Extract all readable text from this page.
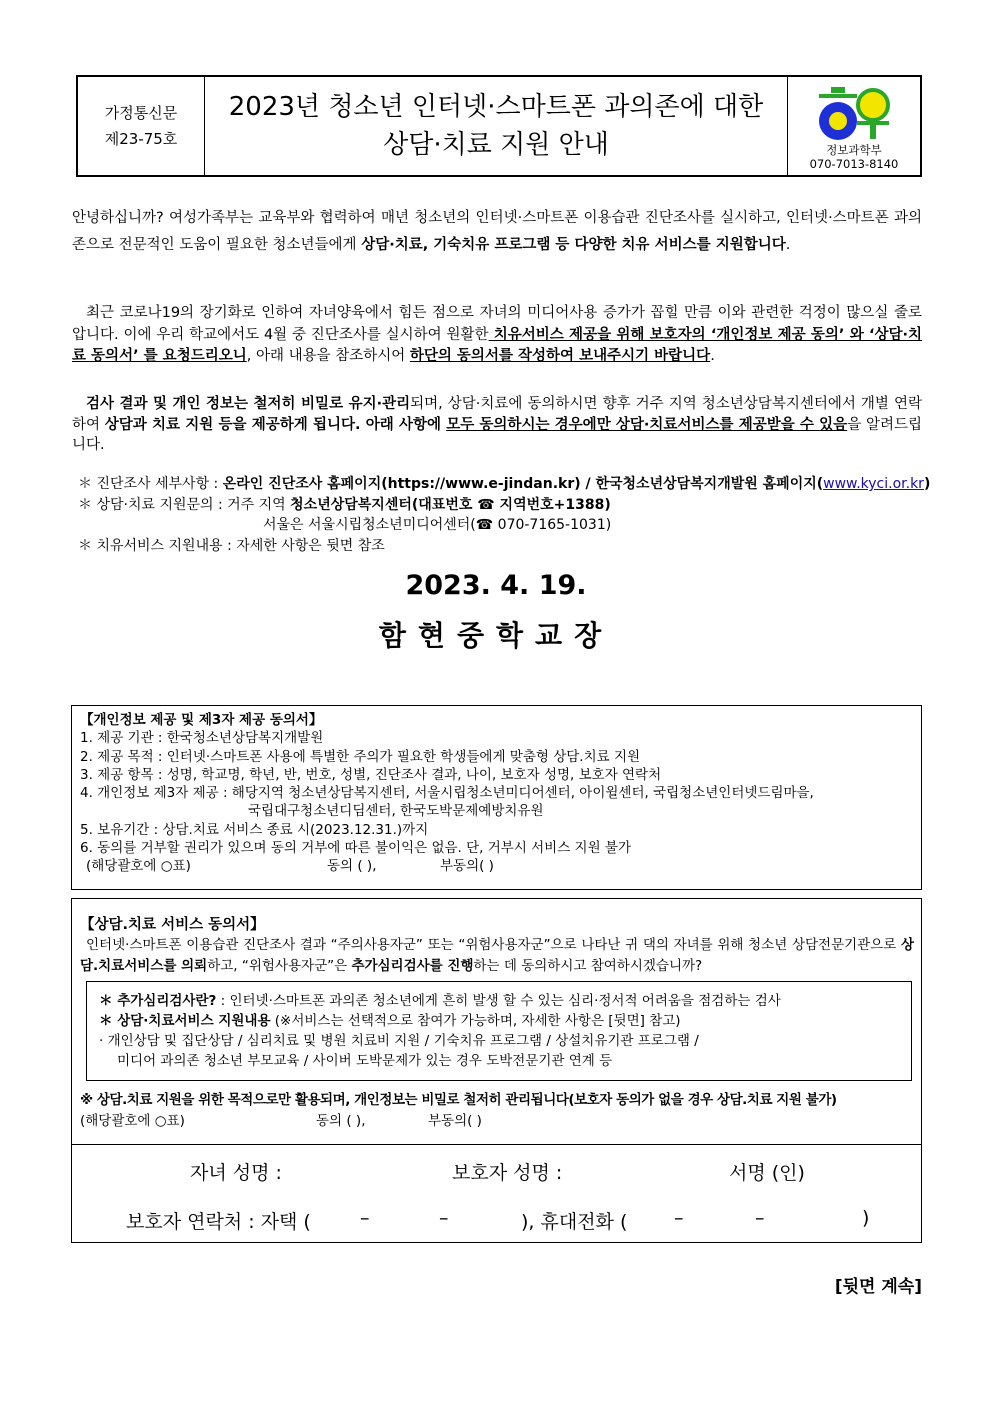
가정통신문
제23-75호
2023년 청소년 인터넷·스마트폰 과의존에 대한
상담·치료 지원 안내	정보과학부
070-7013-8140
안녕하십니까? 여성가족부는 교육부와 협력하여 매년 청소년의 인터넷·스마트폰 이용습관 진단조사를 실시하고, 인터넷·스마트폰 과의존으로 전문적인 도움이 필요한 청소년들에게 상담·치료, 기숙치유 프로그램 등 다양한 치유 서비스를 지원합니다.
최근 코로나19의 장기화로 인하여 자녀양육에서 힘든 점으로 자녀의 미디어사용 증가가 꼽힐 만큼 이와 관련한 걱정이 많으실 줄로 압니다. 이에 우리 학교에서도 4월 중 진단조사를 실시하여 원활한 치유서비스 제공을 위해 보호자의 ‘개인정보 제공 동의’ 와 ‘상담·치료 동의서’ 를 요청드리오니, 아래 내용을 참조하시어 하단의 동의서를 작성하여 보내주시기 바랍니다.
검사 결과 및 개인 정보는 철저히 비밀로 유지·관리되며, 상담·치료에 동의하시면 향후 거주 지역 청소년상담복지센터에서 개별 연락하여 상담과 치료 지원 등을 제공하게 됩니다. 아래 사항에 모두 동의하시는 경우에만 상담·치료서비스를 제공받을 수 있음을 알려드립니다.
＊ 진단조사 세부사항 : 온라인 진단조사 홈페이지(https://www.e-jindan.kr) / 한국청소년상담복지개발원 홈페이지(www.kyci.or.kr)
＊ 상담·치료 지원문의 : 거주 지역 청소년상담복지센터(대표번호 ☎ 지역번호+1388)
서울은 서울시립청소년미디어센터(☎ 070-7165-1031)
＊ 치유서비스 지원내용 : 자세한 사항은 뒷면 참조
2023. 4. 19.
함현중학교장
【개인정보 제공 및 제3자 제공 동의서】
1. 제공 기관 : 한국청소년상담복지개발원
2. 제공 목적 : 인터넷·스마트폰 사용에 특별한 주의가 필요한 학생들에게 맞춤형 상담.치료 지원
3. 제공 항목 : 성명, 학교명, 학년, 반, 번호, 성별, 진단조사 결과, 나이, 보호자 성명, 보호자 연락처
4. 개인정보 제3자 제공 : 해당지역 청소년상담복지센터, 서울시립청소년미디어센터, 아이윌센터, 국립청소년인터넷드림마을,
국립대구청소년디딤센터, 한국도박문제예방치유원
5. 보유기간 : 상담.치료 서비스 종료 시(2023.12.31.)까지
6. 동의를 거부할 권리가 있으며 동의 거부에 따른 불이익은 없음. 단, 거부시 서비스 지원 불가
(해당괄호에 ○표)	동의 ( ),	부동의( )
【상담.치료 서비스 동의서】
인터넷·스마트폰 이용습관 진단조사 결과 “주의사용자군” 또는 “위험사용자군”으로 나타난 귀 댁의 자녀를 위해 청소년 상담전문기관으로 상담.치료서비스를 의뢰하고, “위험사용자군”은 추가심리검사를 진행하는 데 동의하시고 참여하시겠습니까?
＊ 추가심리검사란? : 인터넷·스마트폰 과의존 청소년에게 흔히 발생 할 수 있는 심리·정서적 어려움을 점검하는 검사
＊ 상담·치료서비스 지원내용 (※서비스는 선택적으로 참여가 가능하며, 자세한 사항은 [뒷면] 참고)
· 개인상담 및 집단상담 / 심리치료 및 병원 치료비 지원 / 기숙치유 프로그램 / 상설치유기관 프로그램 /
미디어 과의존 청소년 부모교육 / 사이버 도박문제가 있는 경우 도박전문기관 연계 등
※ 상담.치료 지원을 위한 목적으로만 활용되며, 개인정보는 비밀로 철저히 관리됩니다(보호자 동의가 없을 경우 상담.치료 지원 불가)
(해당괄호에 ○표)	동의 ( ),	부동의( )
자녀 성명 :	보호자 성명 :	서명 (인)
보호자 연락처 : 자택 (	–	–	), 휴대전화 ( –	–	)
[뒷면 계속]
